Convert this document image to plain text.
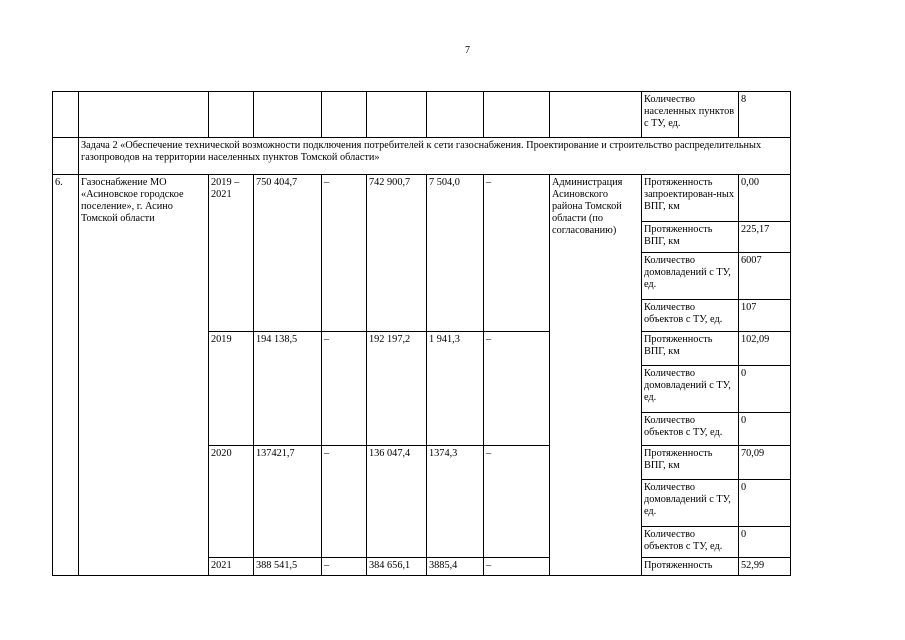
7
									Количество населенных пунктов с ТУ, ед.	8
	Задача 2 «Обеспечение технической возможности подключения потребителей к сети газоснабжения. Проектирование и строительство распределительных газопроводов на территории населенных пунктов Томской области»									
6.	Газоснабжение МО «Асиновское городское поселение», г. Асино Томской области	2019 – 2021	750 404,7	–	742 900,7	7 504,0	–	Администрация Асиновского района Томской области (по согласованию)	Протяженность запроектирован-ных ВПГ, км	0,00
									Протяженность ВПГ, км	225,17
									Количество домовладений с ТУ, ед.	6007
									Количество объектов с ТУ, ед.	107
		2019	194 138,5	–	192 197,2	1 941,3	–		Протяженность ВПГ, км	102,09
									Количество домовладений с ТУ, ед.	0
									Количество объектов с ТУ, ед.	0
		2020	137421,7	–	136 047,4	1374,3	–		Протяженность ВПГ, км	70,09
									Количество домовладений с ТУ, ед.	0
									Количество объектов с ТУ, ед.	0
		2021	388 541,5	–	384 656,1	3885,4	–		Протяженность	52,99
